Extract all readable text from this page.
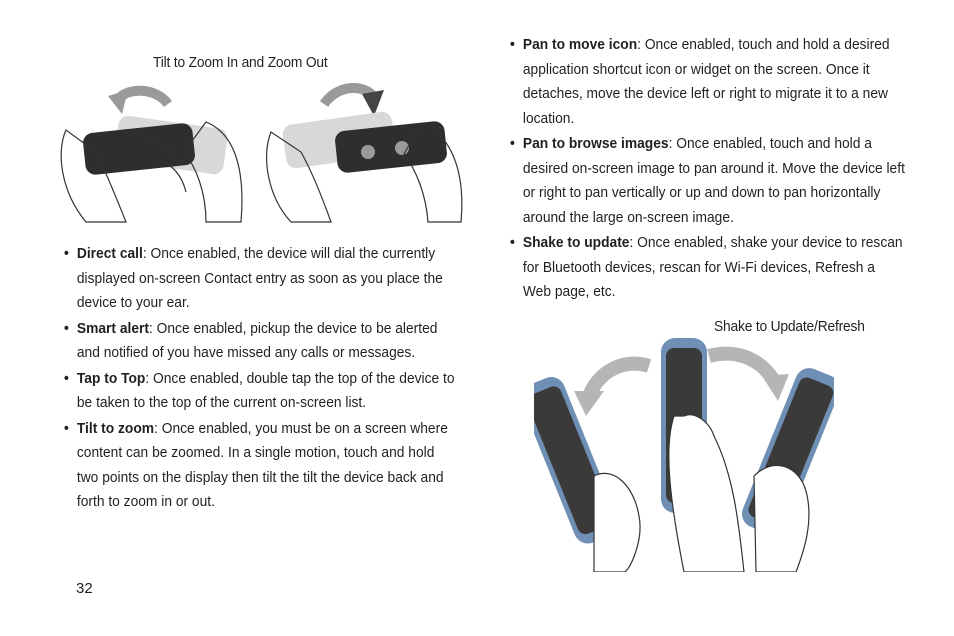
Tilt to Zoom In and Zoom Out
• Direct call: Once enabled, the device will dial the currently displayed on-screen Contact entry as soon as you place the device to your ear.
• Smart alert: Once enabled, pickup the device to be alerted and notified of you have missed any calls or messages.
• Tap to Top: Once enabled, double tap the top of the device to be taken to the top of the current on-screen list.
• Tilt to zoom: Once enabled, you must be on a screen where content can be zoomed. In a single motion, touch and hold two points on the display then tilt the tilt the device back and forth to zoom in or out.
• Pan to move icon: Once enabled, touch and hold a desired application shortcut icon or widget on the screen. Once it detaches, move the device left or right to migrate it to a new location.
• Pan to browse images: Once enabled, touch and hold a desired on-screen image to pan around it. Move the device left or right to pan vertically or up and down to pan horizontally around the large on-screen image.
• Shake to update: Once enabled, shake your device to rescan for Bluetooth devices, rescan for Wi-Fi devices, Refresh a Web page, etc.
Shake to Update/Refresh
32
